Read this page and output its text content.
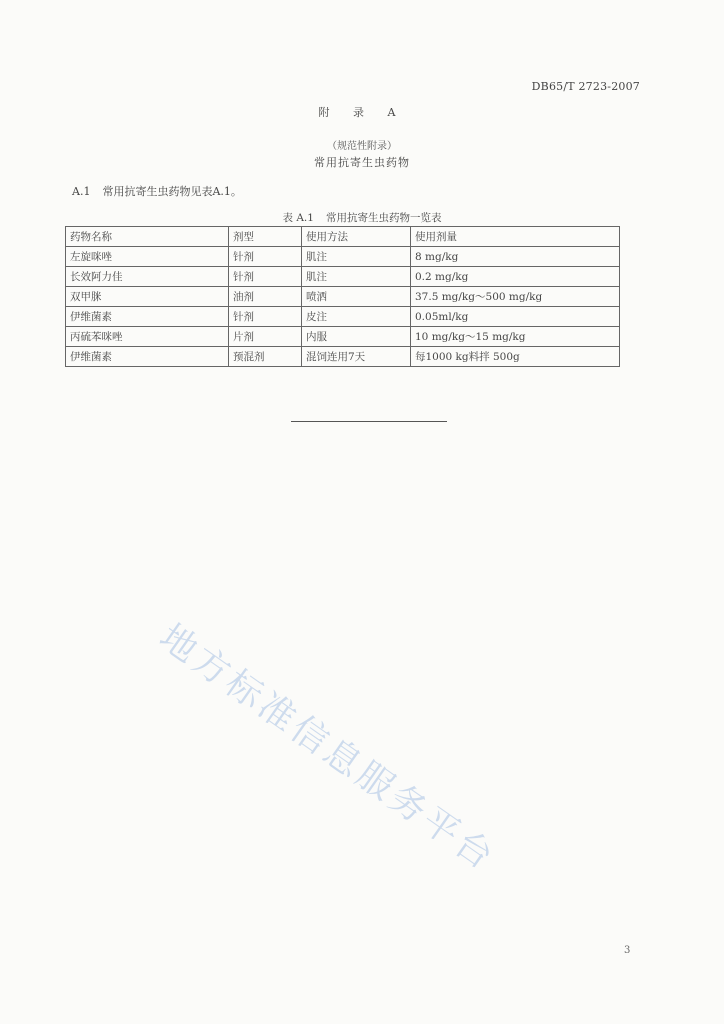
DB65/T 2723-2007
附 录 A
（规范性附录）
常用抗寄生虫药物
A.1 常用抗寄生虫药物见表A.1。
表 A.1 常用抗寄生虫药物一览表
药物名称	剂型	使用方法	使用剂量
左旋咪唑	针剂	肌注	8 mg/kg
长效阿力佳	针剂	肌注	0.2 mg/kg
双甲脒	油剂	喷洒	37.5 mg/kg～500 mg/kg
伊维菌素	针剂	皮注	0.05ml/kg
丙硫苯咪唑	片剂	内服	10 mg/kg～15 mg/kg
伊维菌素	预混剂	混饲连用7天	每1000 kg料拌 500g
地方标准信息服务平台
3
